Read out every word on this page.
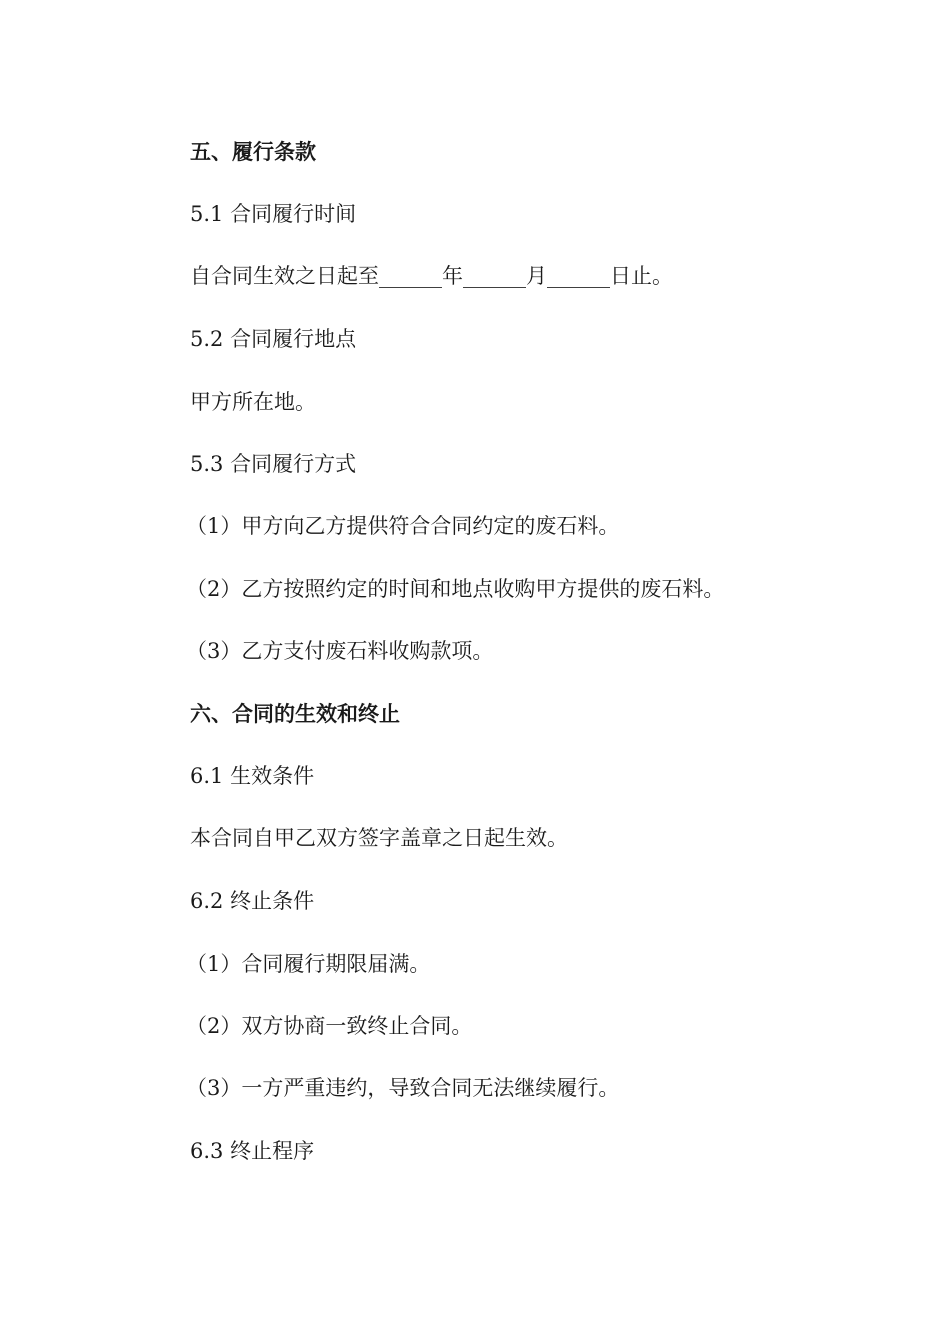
五、履行条款
5.1 合同履行时间
自合同生效之日起至______年______月______日止。
5.2 合同履行地点
甲方所在地。
5.3 合同履行方式
（1）甲方向乙方提供符合合同约定的废石料。
（2）乙方按照约定的时间和地点收购甲方提供的废石料。
（3）乙方支付废石料收购款项。
六、合同的生效和终止
6.1 生效条件
本合同自甲乙双方签字盖章之日起生效。
6.2 终止条件
（1）合同履行期限届满。
（2）双方协商一致终止合同。
（3）一方严重违约，导致合同无法继续履行。
6.3 终止程序
